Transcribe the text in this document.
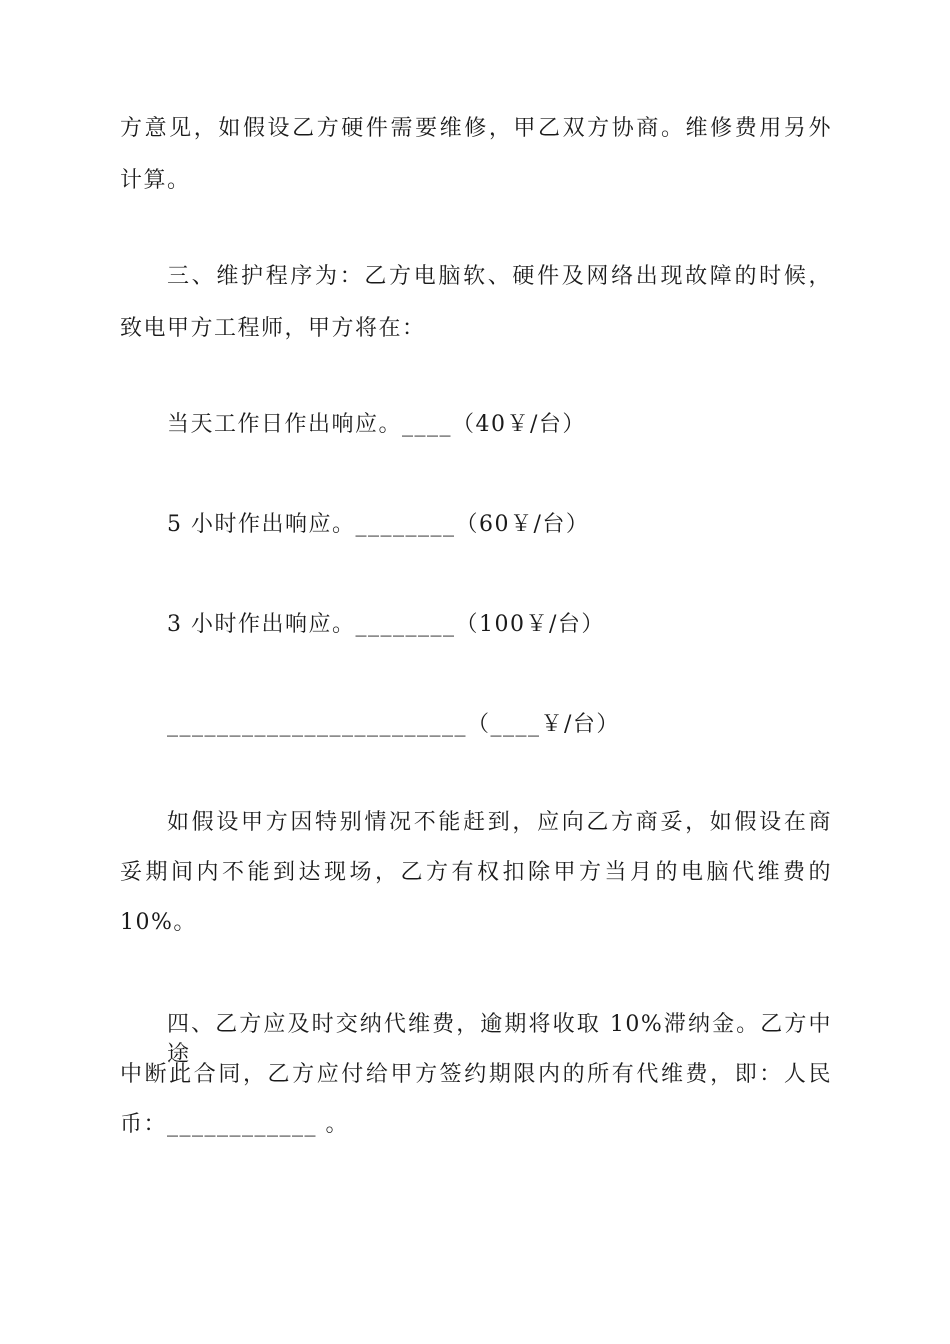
方意见，如假设乙方硬件需要维修，甲乙双方协商。维修费用另外
计算。
三、维护程序为：乙方电脑软、硬件及网络出现故障的时候，
致电甲方工程师，甲方将在：
当天工作日作出响应。____（40￥/台）
5 小时作出响应。________（60￥/台）
3 小时作出响应。________（100￥/台）
________________________（____￥/台）
如假设甲方因特别情况不能赶到，应向乙方商妥，如假设在商
妥期间内不能到达现场，乙方有权扣除甲方当月的电脑代维费的
10%。
四、乙方应及时交纳代维费，逾期将收取 10%滞纳金。乙方中途
中断此合同，乙方应付给甲方签约期限内的所有代维费，即：人民
币：____________ 。
